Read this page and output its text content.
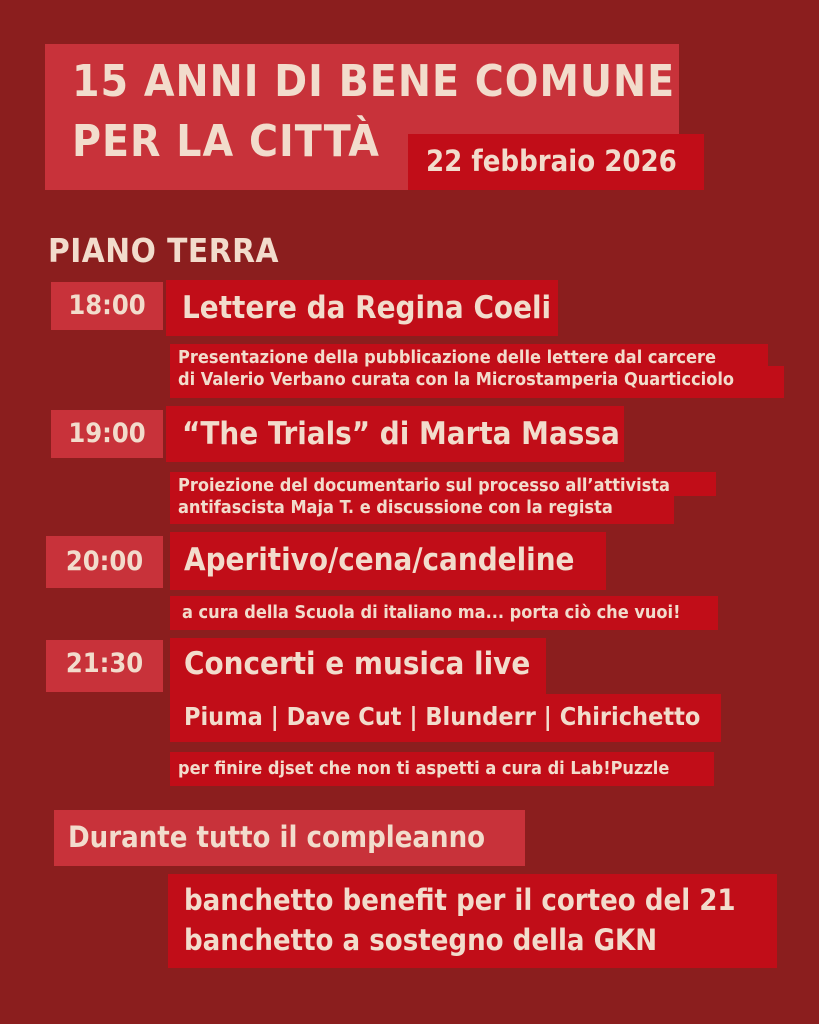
15 ANNI DI BENE COMUNE
PER LA CITTÀ 22 febbraio 2026
PIANO TERRA
18:00	Lettere da Regina Coeli
Presentazione della pubblicazione delle lettere dal carcere
di Valerio Verbano curata con la Microstamperia Quarticciolo
19:00	“The Trials” di Marta Massa
Proiezione del documentario sul processo all’attivista
antifascista Maja T. e discussione con la regista
20:00	Aperitivo/cena/candeline
a cura della Scuola di italiano ma... porta ciò che vuoi!
21:30	Concerti e musica live
Piuma | Dave Cut | Blunderr | Chirichetto
per finire djset che non ti aspetti a cura di Lab!Puzzle
Durante tutto il compleanno
banchetto benefit per il corteo del 21
banchetto a sostegno della GKN
